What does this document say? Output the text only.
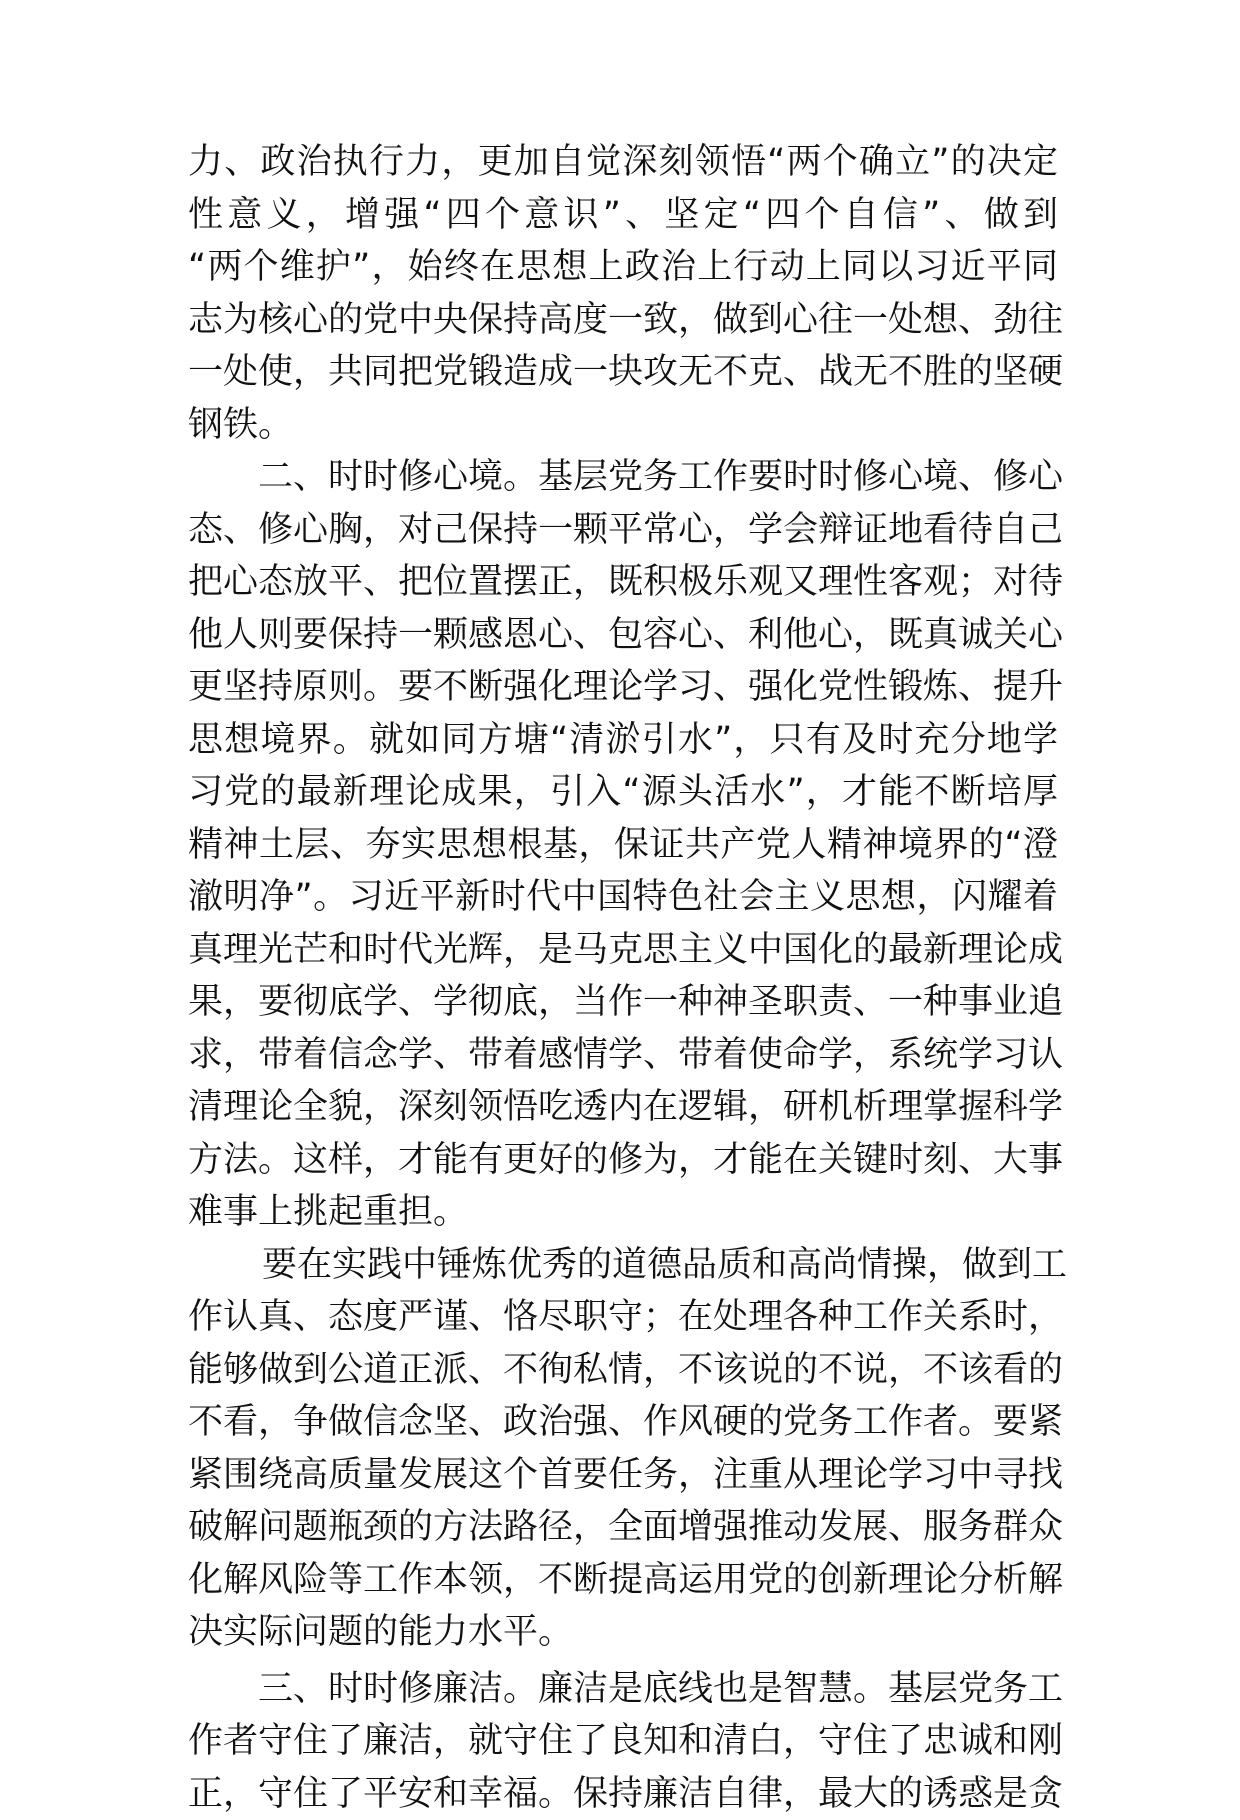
力、政治执行力，更加自觉深刻领悟“两个确立”的决定
性意义，增强“四个意识”、坚定“四个自信”、做到
“两个维护”，始终在思想上政治上行动上同以习近平同
志为核心的党中央保持高度一致，做到心往一处想、劲往
一处使，共同把党锻造成一块攻无不克、战无不胜的坚硬
钢铁。
二、时时修心境。基层党务工作要时时修心境、修心
态、修心胸，对己保持一颗平常心，学会辩证地看待自己
把心态放平、把位置摆正，既积极乐观又理性客观；对待
他人则要保持一颗感恩心、包容心、利他心，既真诚关心
更坚持原则。要不断强化理论学习、强化党性锻炼、提升
思想境界。就如同方塘“清淤引水”，只有及时充分地学
习党的最新理论成果，引入“源头活水”，才能不断培厚
精神土层、夯实思想根基，保证共产党人精神境界的“澄
澈明净”。习近平新时代中国特色社会主义思想，闪耀着
真理光芒和时代光辉，是马克思主义中国化的最新理论成
果，要彻底学、学彻底，当作一种神圣职责、一种事业追
求，带着信念学、带着感情学、带着使命学，系统学习认
清理论全貌，深刻领悟吃透内在逻辑，研机析理掌握科学
方法。这样，才能有更好的修为，才能在关键时刻、大事
难事上挑起重担。
要在实践中锤炼优秀的道德品质和高尚情操，做到工
作认真、态度严谨、恪尽职守；在处理各种工作关系时，
能够做到公道正派、不徇私情，不该说的不说，不该看的
不看，争做信念坚、政治强、作风硬的党务工作者。要紧
紧围绕高质量发展这个首要任务，注重从理论学习中寻找
破解问题瓶颈的方法路径，全面增强推动发展、服务群众
化解风险等工作本领，不断提高运用党的创新理论分析解
决实际问题的能力水平。
三、时时修廉洁。廉洁是底线也是智慧。基层党务工
作者守住了廉洁，就守住了良知和清白，守住了忠诚和刚
正，守住了平安和幸福。保持廉洁自律，最大的诱惑是贪
